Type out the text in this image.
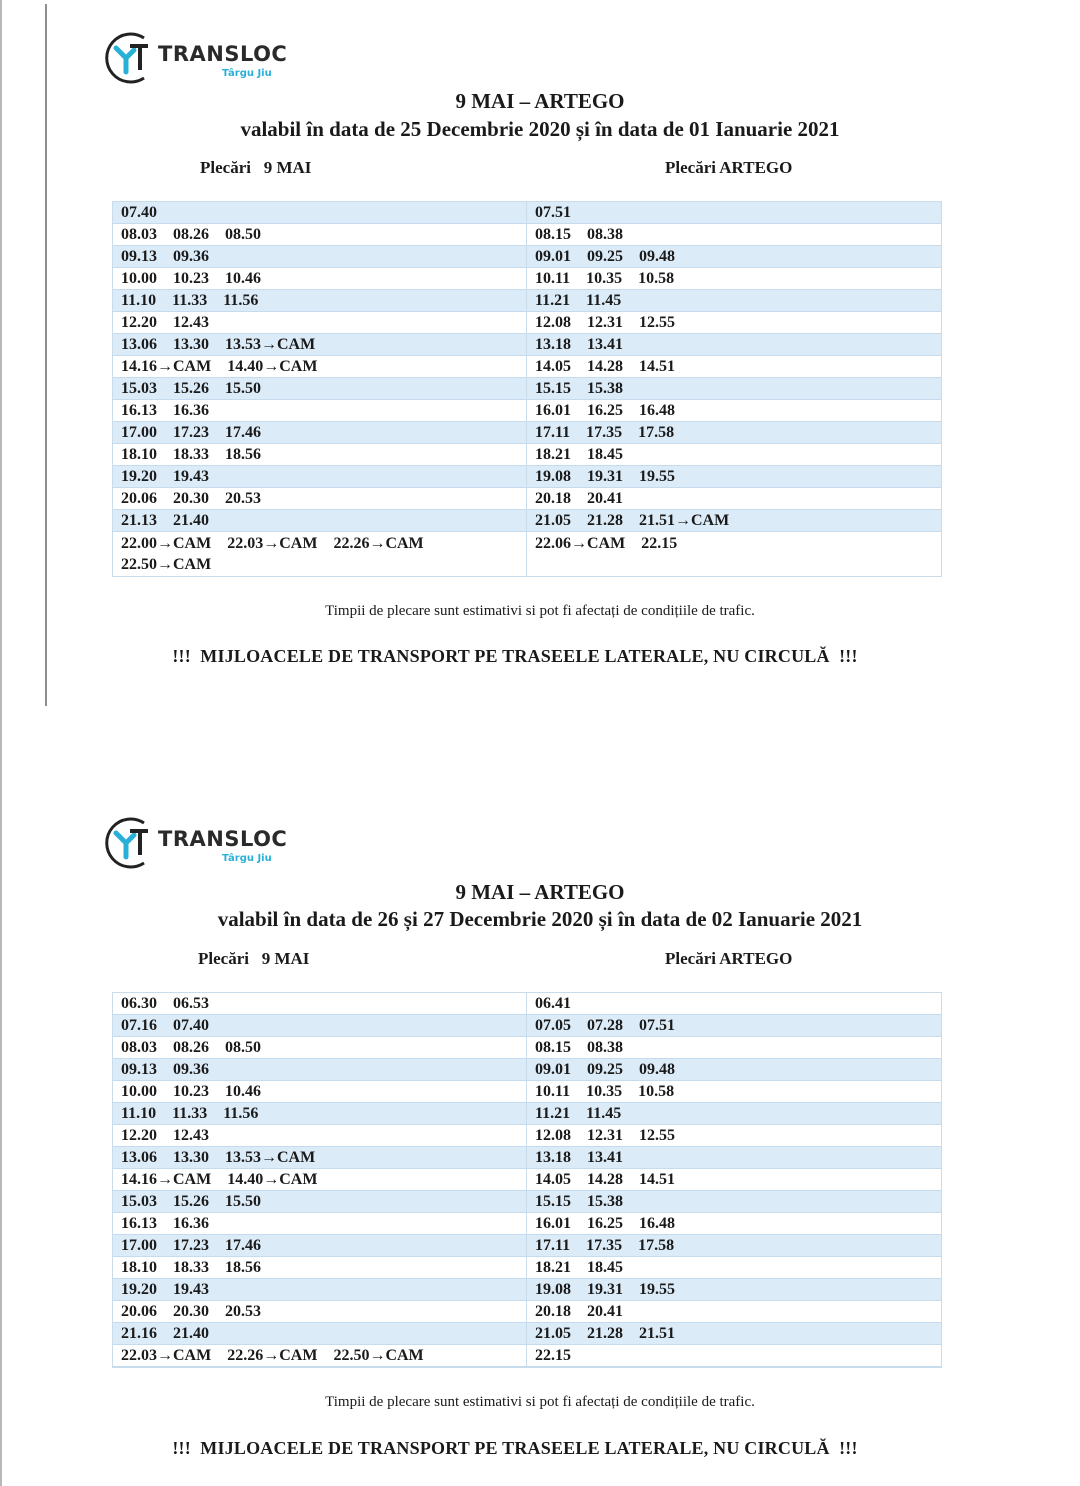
TRANSLOC
Târgu Jiu
9 MAI – ARTEGO
valabil în data de 25 Decembrie 2020 și în data de 01 Ianuarie 2021
Plecări   9 MAI	Plecări ARTEGO
07.40
08.03 08.26 08.50
09.13 09.36
10.00 10.23 10.46
11.10 11.33 11.56
12.20 12.43
13.06 13.30 13.53→CAM
14.16→CAM 14.40→CAM
15.03 15.26 15.50
16.13 16.36
17.00 17.23 17.46
18.10 18.33 18.56
19.20 19.43
20.06 20.30 20.53
21.13 21.40
22.00→CAM 22.03→CAM 22.26→CAM22.50→CAM
07.51
08.15 08.38
09.01 09.25 09.48
10.11 10.35 10.58
11.21 11.45
12.08 12.31 12.55
13.18 13.41
14.05 14.28 14.51
15.15 15.38
16.01 16.25 16.48
17.11 17.35 17.58
18.21 18.45
19.08 19.31 19.55
20.18 20.41
21.05 21.28 21.51→CAM
22.06→CAM 22.15
Timpii de plecare sunt estimativi si pot fi afectați de condițiile de trafic.
!!!  MIJLOACELE DE TRANSPORT PE TRASEELE LATERALE, NU CIRCULĂ  !!!
TRANSLOC
Târgu Jiu
9 MAI – ARTEGO
valabil în data de 26 și 27 Decembrie 2020 și în data de 02 Ianuarie 2021
Plecări   9 MAI	Plecări ARTEGO
06.30 06.53
07.16 07.40
08.03 08.26 08.50
09.13 09.36
10.00 10.23 10.46
11.10 11.33 11.56
12.20 12.43
13.06 13.30 13.53→CAM
14.16→CAM 14.40→CAM
15.03 15.26 15.50
16.13 16.36
17.00 17.23 17.46
18.10 18.33 18.56
19.20 19.43
20.06 20.30 20.53
21.16 21.40
22.03→CAM 22.26→CAM 22.50→CAM
06.41
07.05 07.28 07.51
08.15 08.38
09.01 09.25 09.48
10.11 10.35 10.58
11.21 11.45
12.08 12.31 12.55
13.18 13.41
14.05 14.28 14.51
15.15 15.38
16.01 16.25 16.48
17.11 17.35 17.58
18.21 18.45
19.08 19.31 19.55
20.18 20.41
21.05 21.28 21.51
22.15
Timpii de plecare sunt estimativi si pot fi afectați de condițiile de trafic.
!!!  MIJLOACELE DE TRANSPORT PE TRASEELE LATERALE, NU CIRCULĂ  !!!
